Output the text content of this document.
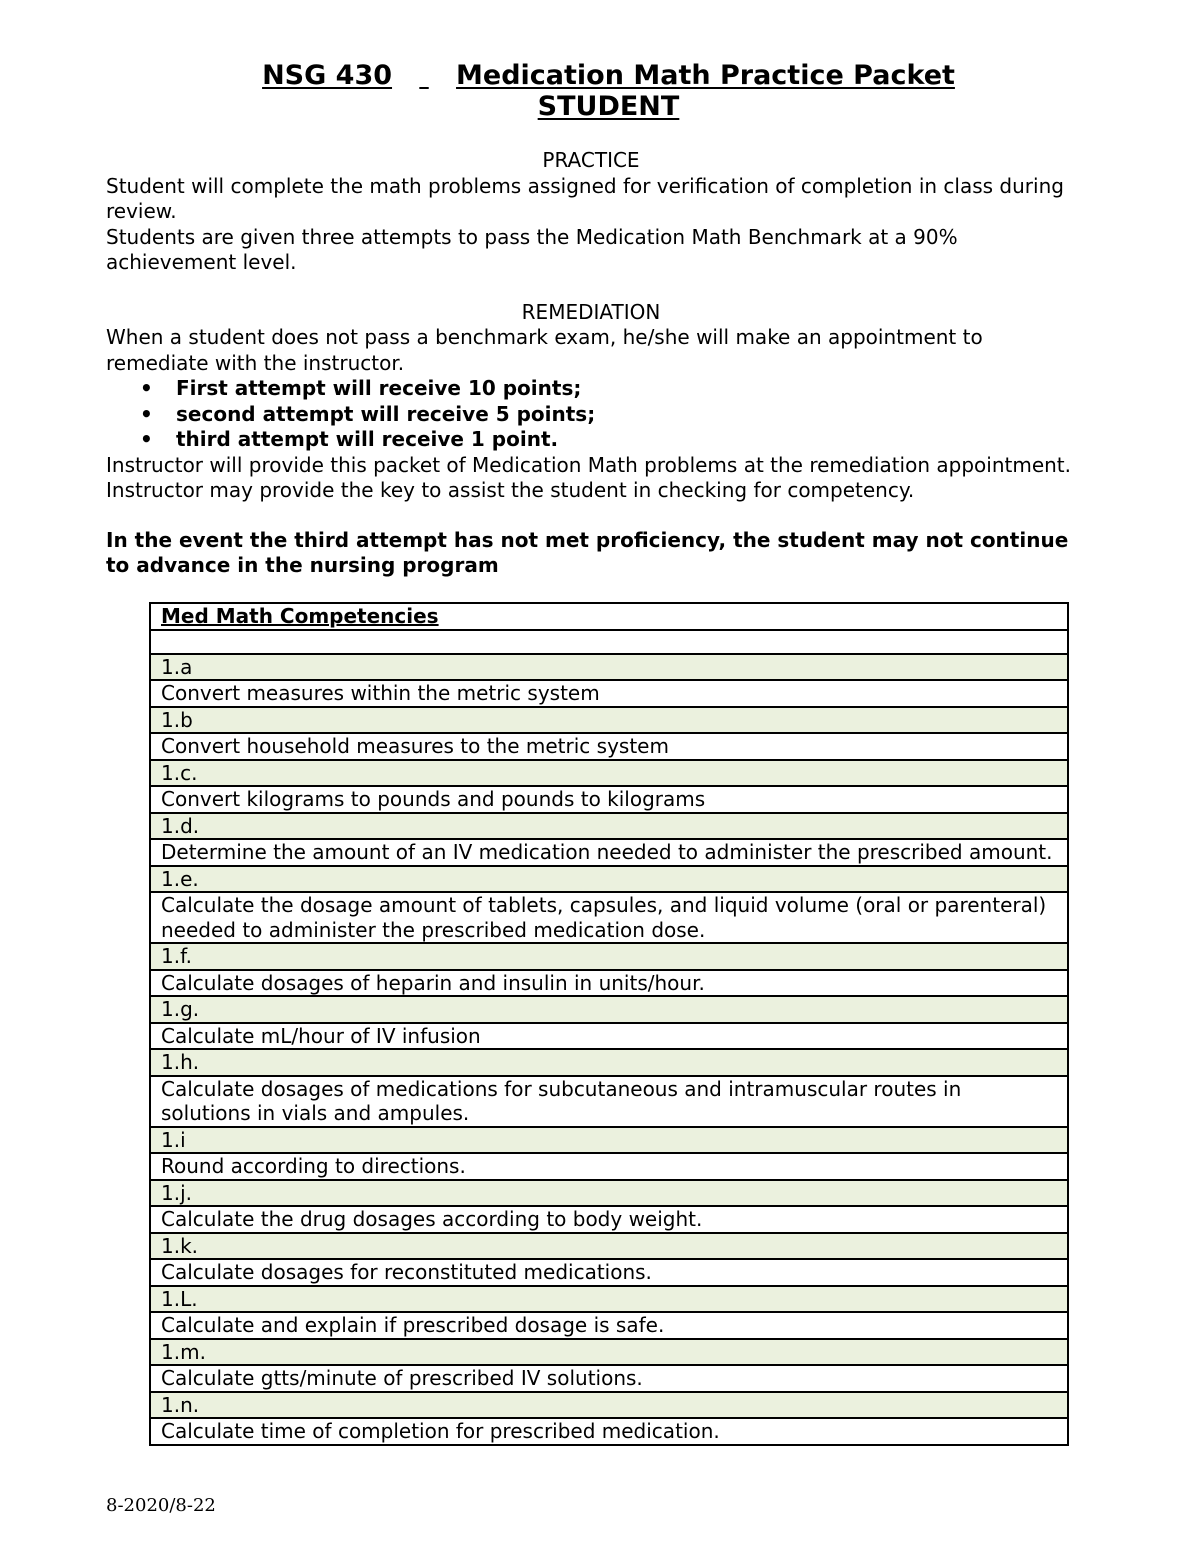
NSG 430 Medication Math Practice Packet
STUDENT
PRACTICE

Student will complete the math problems assigned for verification of completion in class during review.

Students are given three attempts to pass the Medication Math Benchmark at a 90% achievement level.

REMEDIATION

When a student does not pass a benchmark exam, he/she will make an appointment to remediate with the instructor.

• First attempt will receive 10 points;
• second attempt will receive 5 points;
• third attempt will receive 1 point.

Instructor will provide this packet of Medication Math problems at the remediation appointment. Instructor may provide the key to assist the student in checking for competency.

In the event the third attempt has not met proficiency, the student may not continue to advance in the nursing program

Med Math Competencies

1.a
Convert measures within the metric system
1.b
Convert household measures to the metric system
1.c.
Convert kilograms to pounds and pounds to kilograms
1.d.
Determine the amount of an IV medication needed to administer the prescribed amount.
1.e.
Calculate the dosage amount of tablets, capsules, and liquid volume (oral or parenteral) needed to administer the prescribed medication dose.
1.f.
Calculate dosages of heparin and insulin in units/hour.
1.g.
Calculate mL/hour of IV infusion
1.h.
Calculate dosages of medications for subcutaneous and intramuscular routes in solutions in vials and ampules.
1.i
Round according to directions.
1.j.
Calculate the drug dosages according to body weight.
1.k.
Calculate dosages for reconstituted medications.
1.L.
Calculate and explain if prescribed dosage is safe.
1.m.
Calculate gtts/minute of prescribed IV solutions.
1.n.
Calculate time of completion for prescribed medication.
8-2020/8-22
